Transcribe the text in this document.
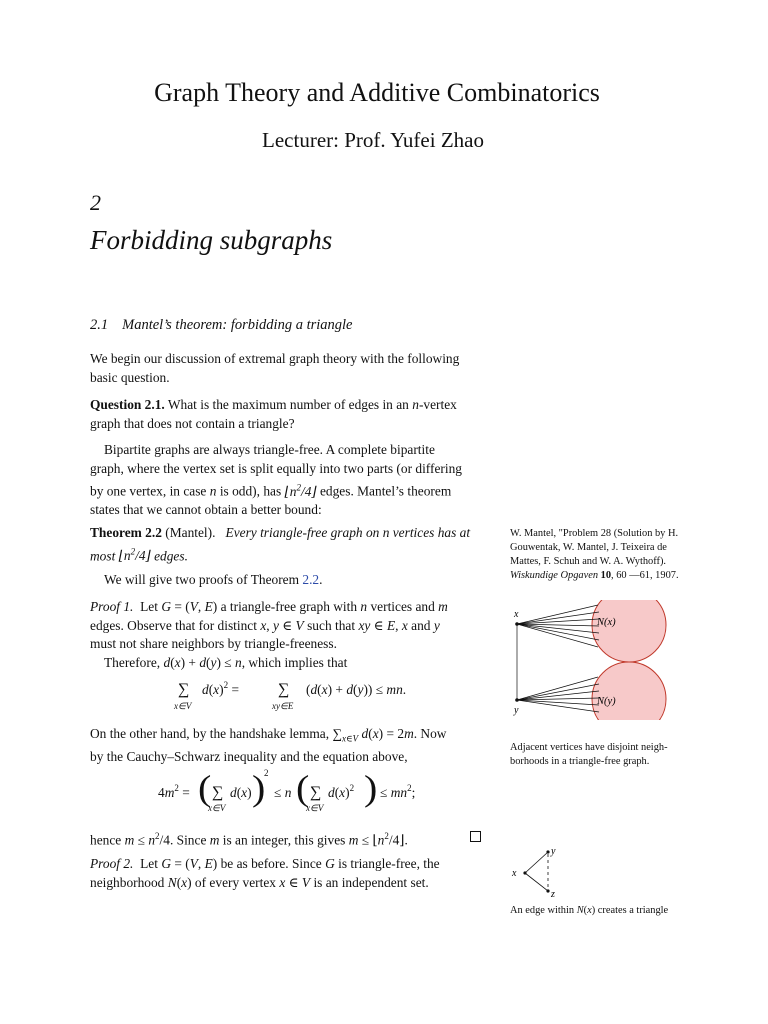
Graph Theory and Additive Combinatorics
Lecturer: Prof. Yufei Zhao
2
Forbidding subgraphs
2.1 Mantel’s theorem: forbidding a triangle

We begin our discussion of extremal graph theory with the following

basic question.

Question 2.1. What is the maximum number of edges in an n-vertex

graph that does not contain a triangle?

Bipartite graphs are always triangle-free. A complete bipartite

graph, where the vertex set is split equally into two parts (or differing

by one vertex, in case n is odd), has $⌊n^2/4⌋$ edges. Mantel’s theorem

states that we cannot obtain a better bound:

Theorem 2.2 (Mantel). Every triangle-free graph on n vertices has at

most $⌊n^2/4⌋$ edges.

We will give two proofs of Theorem 2.2.

Proof 1. Let G = (V, E) a triangle-free graph with n vertices and m

edges. Observe that for distinct x, y ∈ V such that xy ∈ E, x and y

must not share neighbors by triangle-freeness.

Therefore, d(x) + d(y) ≤ n, which implies that

∑
x∈V
$d(x)^2$ = ∑
xy∈E
(d(x) + d(y)) ≤ mn.

On the other hand, by the handshake lemma, $\sum_{x\in V}$ d(x) = 2m. Now

by the Cauchy–Schwarz inequality and the equation above,

$4m^2$ = ( ∑
x∈V
d(x) )
2
≤ n ( ∑
x∈V
$d(x)^2$ ) ≤ $mn^2$;

hence $m \le n^2/4$. Since m is an integer, this gives $m \le ⌊n^2/4⌋$.

Proof 2. Let G = (V, E) be as before. Since G is triangle-free, the

neighborhood N(x) of every vertex x ∈ V is an independent set.

W. Mantel, "Problem 28 (Solution by H.
Gouwentak, W. Mantel, J. Teixeira de
Mattes, F. Schuh and W. A. Wythoff).
Wiskundige Opgaven 10, 60 —61, 1907.
x
y
N(x)
N(y)
Adjacent vertices have disjoint neigh-
borhoods in a triangle-free graph.
x
y
z
An edge within N(x) creates a triangle
